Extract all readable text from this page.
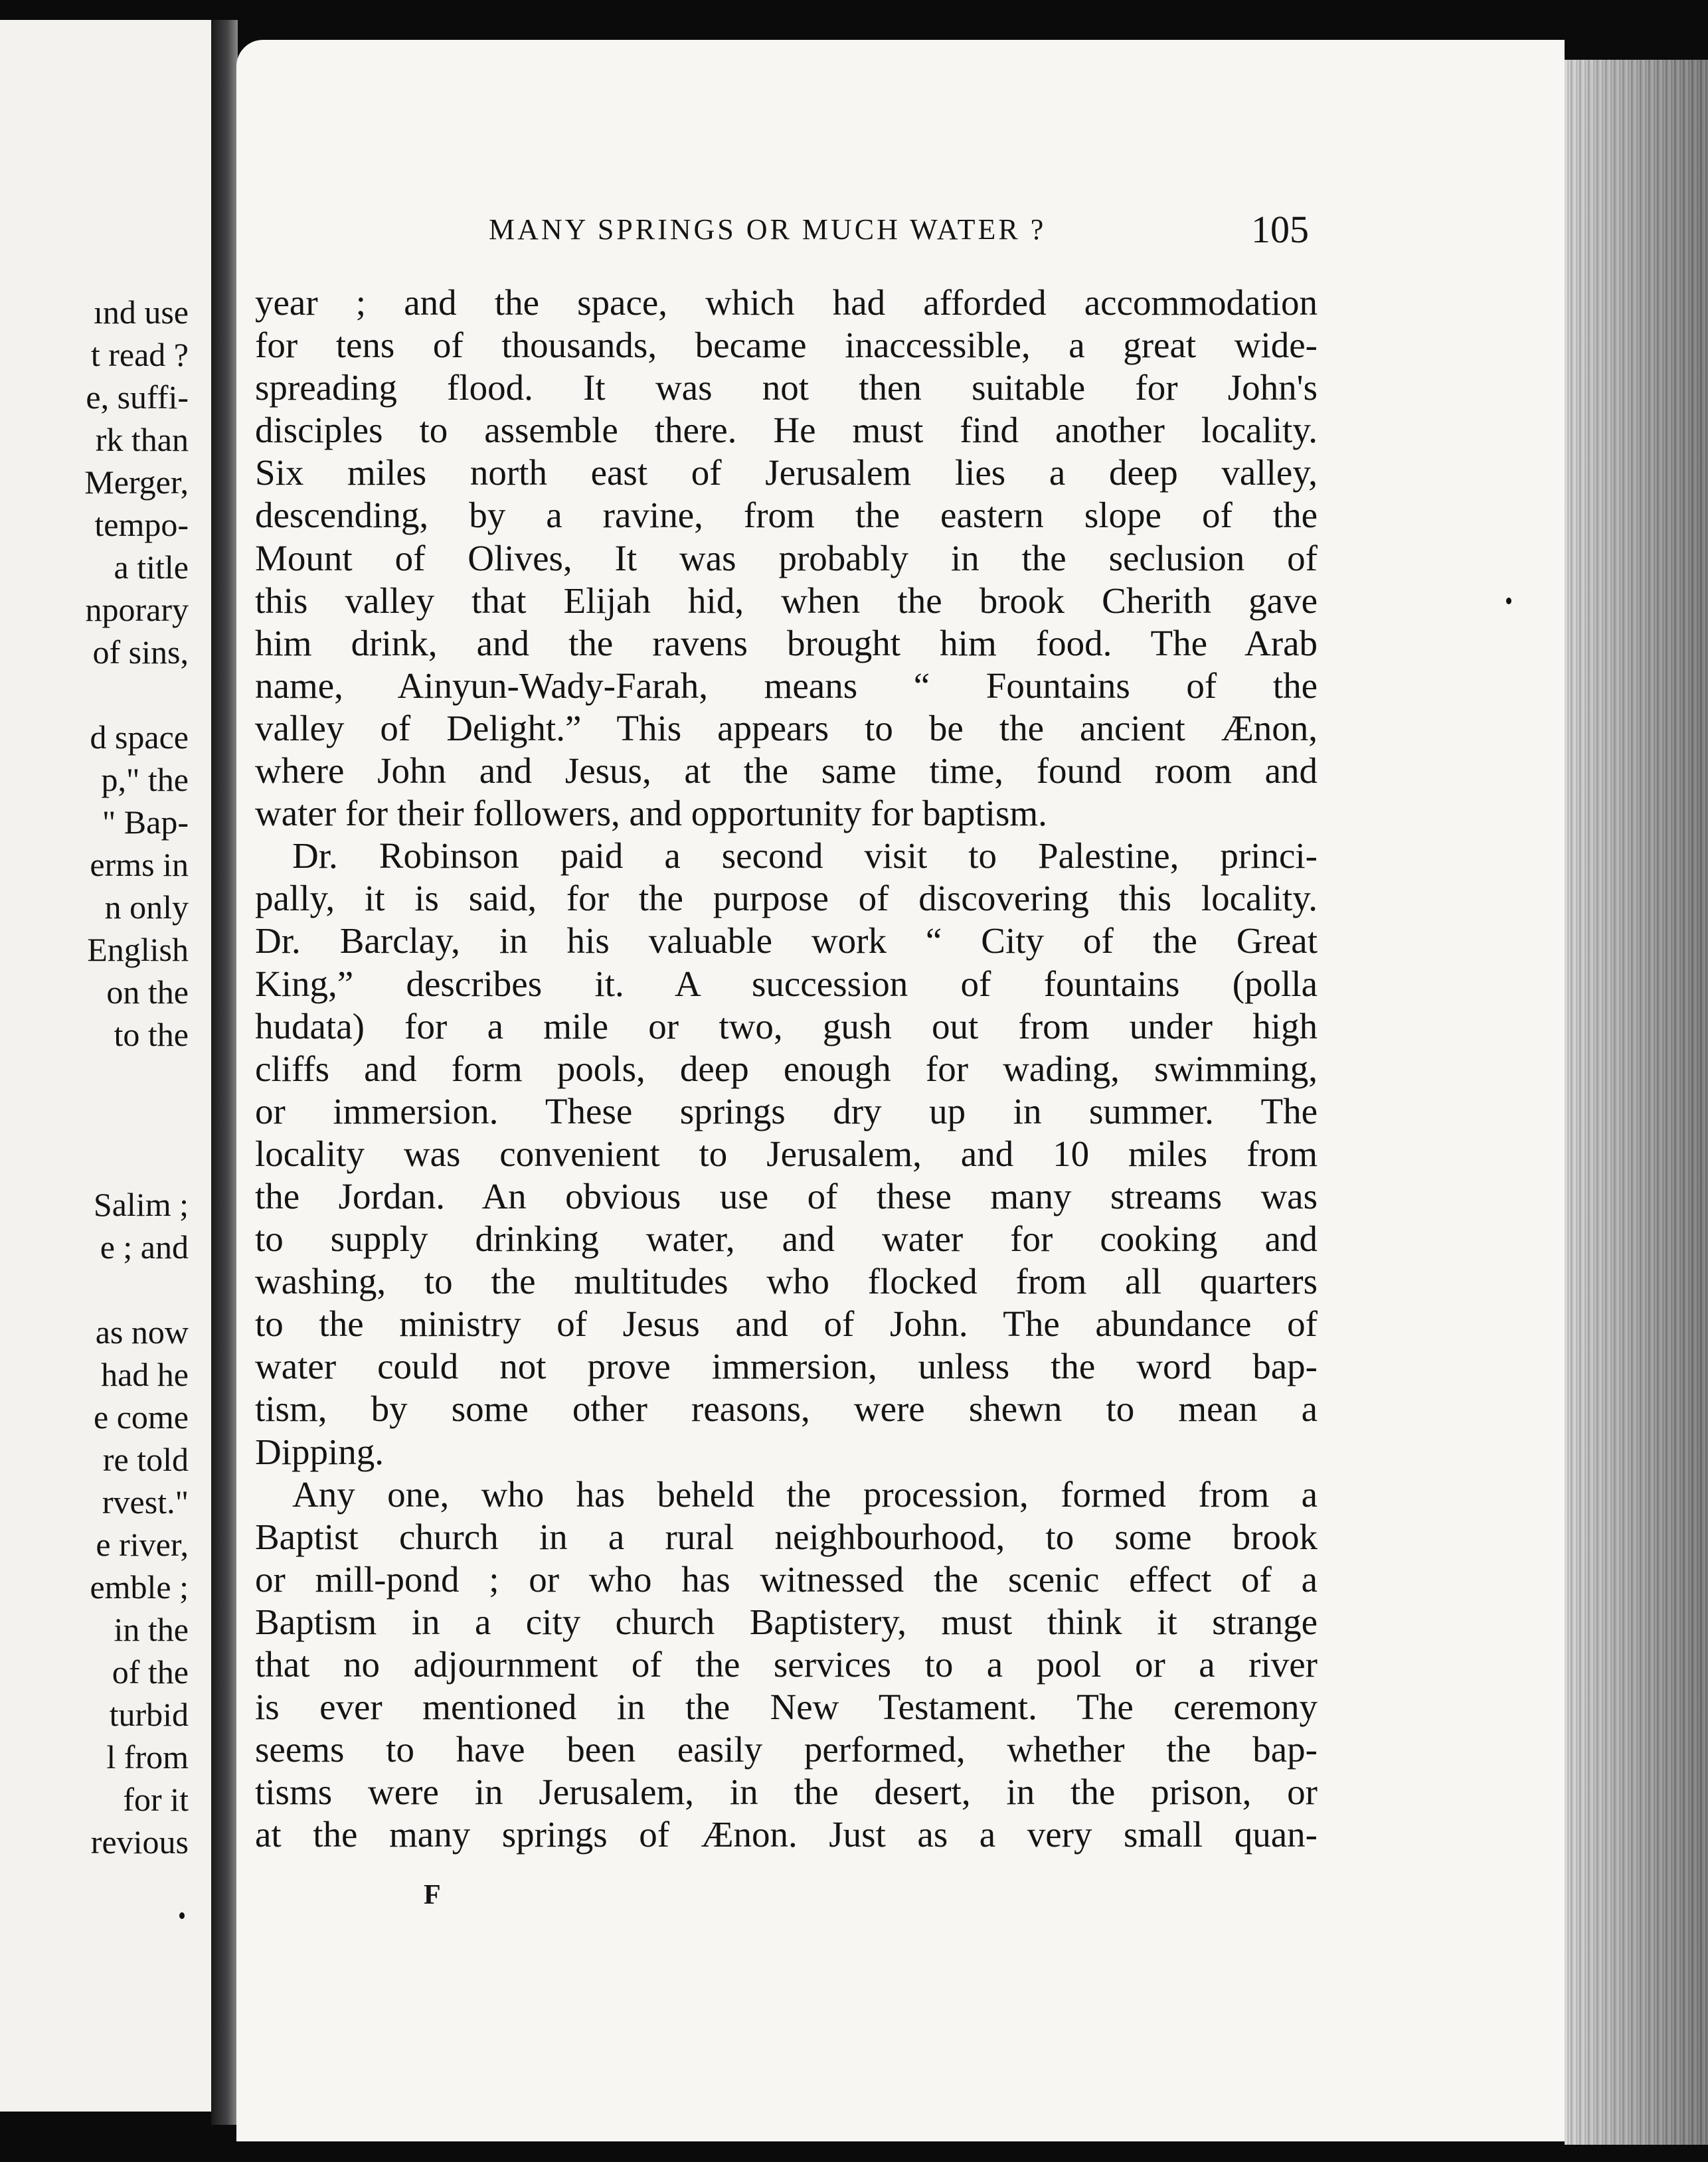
ınd use
t read ?
e, suffi-
rk than
Merger,
tempo-
a title
nporary
of sins,
d space
p," the
" Bap-
erms in
n only
English
on the
to the
Salim ;
e ; and
as now
had he
e come
re told
rvest."
e river,
emble ;
in the
of the
turbid
l from
for it
revious
MANY SPRINGS OR MUCH WATER ?	105
year ; and the space, which had afforded accommodation
for tens of thousands, became inaccessible, a great wide-
spreading flood. It was not then suitable for John's
disciples to assemble there. He must find another locality.
Six miles north east of Jerusalem lies a deep valley,
descending, by a ravine, from the eastern slope of the
Mount of Olives, It was probably in the seclusion of
this valley that Elijah hid, when the brook Cherith gave
him drink, and the ravens brought him food. The Arab
name, Ainyun-Wady-Farah, means “ Fountains of the
valley of Delight.” This appears to be the ancient Ænon,
where John and Jesus, at the same time, found room and
water for their followers, and opportunity for baptism.
Dr. Robinson paid a second visit to Palestine, princi-
pally, it is said, for the purpose of discovering this locality.
Dr. Barclay, in his valuable work “ City of the Great
King,” describes it. A succession of fountains (polla
hudata) for a mile or two, gush out from under high
cliffs and form pools, deep enough for wading, swimming,
or immersion. These springs dry up in summer. The
locality was convenient to Jerusalem, and 10 miles from
the Jordan. An obvious use of these many streams was
to supply drinking water, and water for cooking and
washing, to the multitudes who flocked from all quarters
to the ministry of Jesus and of John. The abundance of
water could not prove immersion, unless the word bap-
tism, by some other reasons, were shewn to mean a
Dipping.
Any one, who has beheld the procession, formed from a
Baptist church in a rural neighbourhood, to some brook
or mill-pond ; or who has witnessed the scenic effect of a
Baptism in a city church Baptistery, must think it strange
that no adjournment of the services to a pool or a river
is ever mentioned in the New Testament. The ceremony
seems to have been easily performed, whether the bap-
tisms were in Jerusalem, in the desert, in the prison, or
at the many springs of Ænon. Just as a very small quan-
F
